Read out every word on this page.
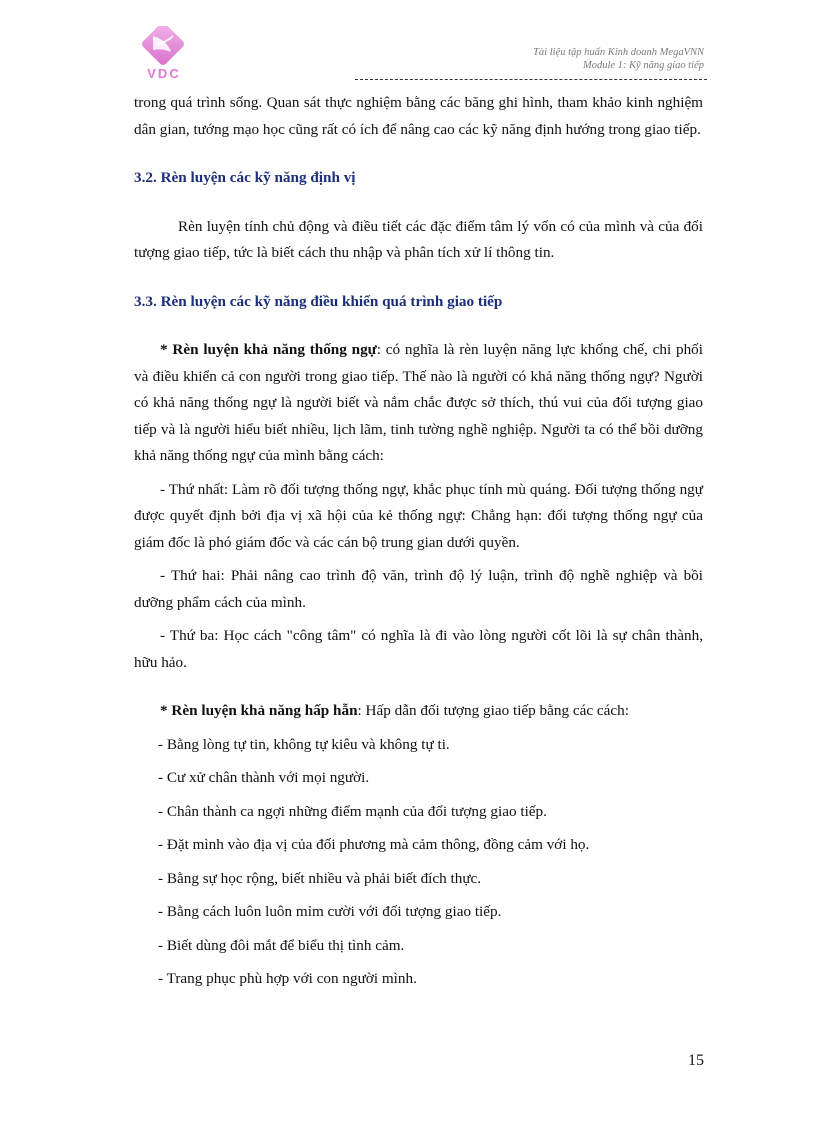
VDC
Tài liệu tập huấn Kinh doanh MegaVNN
Module 1: Kỹ năng giao tiếp

trong quá trình sống. Quan sát thực nghiệm bằng các băng ghi hình, tham khảo kinh nghiệm dân gian, tướng mạo học cũng rất có ích để nâng cao các kỹ năng định hướng trong giao tiếp.

3.2. Rèn luyện các kỹ năng định vị

Rèn luyện tính chủ động và điều tiết các đặc điểm tâm lý vốn có của mình và của đối tượng giao tiếp, tức là biết cách thu nhập và phân tích xử lí thông tin.

3.3. Rèn luyện các kỹ năng điều khiển quá trình giao tiếp

* Rèn luyện khả năng thống ngự: có nghĩa là rèn luyện năng lực khống chế, chi phối và điều khiển cả con người trong giao tiếp. Thế nào là người có khả năng thống ngự? Người có khả năng thống ngự là người biết và nắm chắc được sở thích, thú vui của đối tượng giao tiếp và là người hiểu biết nhiều, lịch lãm, tinh tường nghề nghiệp. Người ta có thể bồi dưỡng khả năng thống ngự của mình bằng cách:

- Thứ nhất: Làm rõ đối tượng thống ngự, khắc phục tính mù quáng. Đối tượng thống ngự được quyết định bởi địa vị xã hội của kẻ thống ngự: Chẳng hạn: đối tượng thống ngự của giám đốc là phó giám đốc và các cán bộ trung gian dưới quyền.

- Thứ hai: Phải nâng cao trình độ văn, trình độ lý luận, trình độ nghề nghiệp và bồi dưỡng phẩm cách của mình.

- Thứ ba: Học cách "công tâm" có nghĩa là đi vào lòng người cốt lõi là sự chân thành, hữu hảo.

* Rèn luyện khả năng hấp hẫn: Hấp dẫn đối tượng giao tiếp bằng các cách:

- Bằng lòng tự tin, không tự kiêu và không tự ti.

- Cư xử chân thành với mọi người.

- Chân thành ca ngợi những điểm mạnh của đối tượng giao tiếp.

- Đặt mình vào địa vị của đối phương mà cảm thông, đồng cảm với họ.

- Bằng sự học rộng, biết nhiều và phải biết đích thực.

- Bằng cách luôn luôn mỉm cười với đối tượng giao tiếp.

- Biết dùng đôi mắt để biểu thị tình cảm.

- Trang phục phù hợp với con người mình.

15
